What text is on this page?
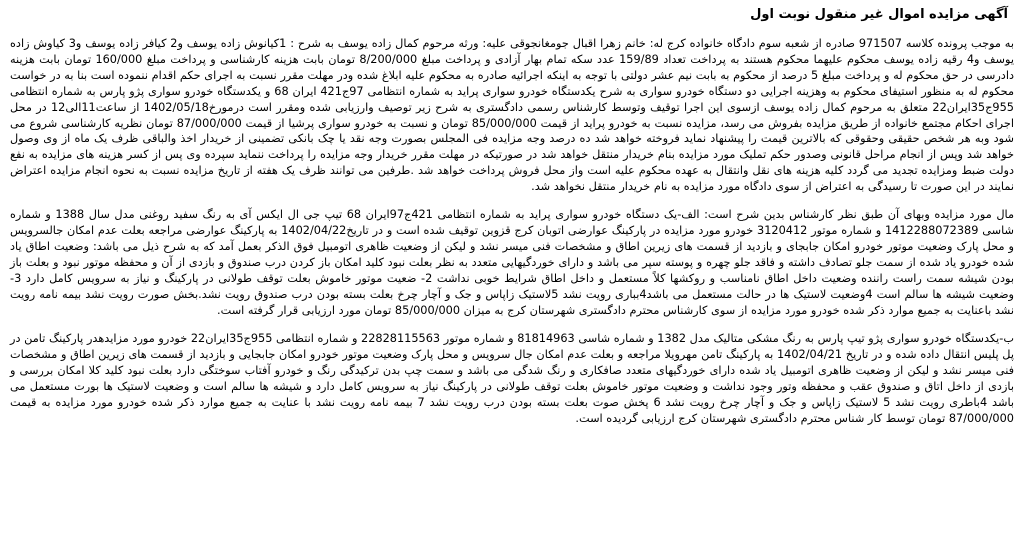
آگهی مزایده اموال غیر منقول نوبت اول

به موجب پرونده کلاسه 971507 صادره از شعبه سوم دادگاه خانواده کرج له: خانم زهرا اقبال جومغانجوقی علیه: ورثه مرحوم کمال زاده یوسف به شرح : 1کیانوش زاده یوسف و2 کیافر زاده یوسف و3 کیاوش زاده یوسف و4 رقیه زاده یوسف محکوم علیهما محکوم هستند به پرداخت تعداد 159/89 عدد سکه تمام بهار آزادی و پرداخت مبلغ 8/200/000 تومان بابت هزینه کارشناسی و پرداخت مبلغ 160/000 تومان بابت هزینه دادرسی در حق محکوم له و پرداخت مبلغ 5 درصد از محکوم به بابت نیم عشر دولتی با توجه به اینکه اجرائیه صادره به محکوم علیه ابلاغ شده ودر مهلت مقرر نسبت به اجرای حکم اقدام ننموده است بنا به در خواست محکوم له به منظور استیفای محکوم به وهزینه اجرایی دو دستگاه خودرو سواری به شرح یکدستگاه خودرو سواری پراید به شماره انتظامی 97ج421 ایران 68 و یکدستگاه خودرو سواری پژو پارس به شماره انتظامی 955ج35ایران22 متعلق به مرحوم کمال زاده یوسف ازسوی این اجرا توقیف وتوسط کارشناس رسمی دادگستری به شرح زیر توصیف وارزیابی شده ومقرر است درمورخ1402/05/18 از ساعت11الی12 در محل اجرای احکام مجتمع خانواده از طریق مزایده بفروش می رسد، مزایده نسبت به خودرو پراید از قیمت 85/000/000 تومان و نسبت به خودرو سواری پرشیا از قیمت 87/000/000 تومان نظریه کارشناسی شروع می شود وبه هر شخص حقیقی وحقوقی که بالاترین قیمت را پیشنهاد نماید فروخته خواهد شد ده درصد وجه مزایده فی المجلس بصورت وجه نقد یا چک بانکی تضمینی از خریدار اخذ والباقی ظرف یک ماه از وی وصول خواهد شد وپس از انجام مراحل قانونی وصدور حکم تملیک مورد مزایده بنام خریدار منتقل خواهد شد در صورتیکه در مهلت مقرر خریدار وجه مزایده را پرداخت ننماید سپرده وی پس از کسر هزینه های مزایده به نفع دولت ضبط ومزایده تجدید می گردد کلیه هزینه های نقل وانتقال به عهده محکوم علیه است واز محل فروش پرداخت خواهد شد .طرفین می توانند ظرف یک هفته از تاریخ مزایده نسبت به نحوه انجام مزایده اعتراض نمایند در این صورت تا رسیدگی به اعتراض از سوی دادگاه مورد مزایده به نام خریدار منتقل نخواهد شد.

مال مورد مزایده وبهای آن طبق نظر کارشناس بدین شرح است: الف-یک دستگاه خودرو سواری پراید به شماره انتظامی 421ج97ایران 68 تیپ جی ال ایکس آی به رنگ سفید روغنی مدل سال 1388 و شماره شاسی 1412288072389 و شماره موتور 3120412 خودرو مورد مزایده در پارکینگ عوارضی اتوبان کرج قزوین توقیف شده است و در تاریخ1402/04/22 به پارکینگ عوارضی مراجعه بعلت عدم امکان جالسرویس و محل پارک وضعیت موتور خودرو امکان جابجای و بازدید از قسمت های زیرین اطاق و مشخصات فنی میسر نشد و لیکن از وضعیت ظاهری اتومبیل فوق الذکر بعمل آمد که به شرح ذیل می باشد: وضعیت اطاق یاد شده خودرو یاد شده از سمت جلو تصادف داشته و فاقد جلو چهره و پوسته سپر می باشد و دارای خوردگیهایی متعدد به نظر بعلت نبود کلید امکان باز کردن درب صندوق و بازدی از آن و محفظه موتور نبود و بعلت باز بودن شیشه سمت راست راننده وضعیت داخل اطاق نامناسب و روکشها کلاً مستعمل و داخل اطاق شرایط خوبی نداشت 2- ضعیت موتور خاموش بعلت توقف طولانی در پارکینگ و نیاز به سرویس کامل دارد 3- وضعیت شیشه ها سالم است 4وضعیت لاستیک ها در حالت مستعمل می باشد4بباری رویت نشد 5لاستیک زاپاس و جک و آچار چرخ بعلت بسته بودن درب صندوق رویت نشد.بخش صورت رویت نشد بیمه نامه رویت نشد باعنایت به جمیع موارد ذکر شده خودرو مورد مزایده از سوی کارشناس محترم دادگستری شهرستان کرج به میزان 85/000/000 تومان مورد ارزیابی قرار گرفته است.

ب-یکدستگاه خودرو سواری پژو تیپ پارس به رنگ مشکی متالیک مدل 1382 و شماره شاسی 81814963 و شماره موتور 22828115563 و شماره انتظامی 955ج35ایران22 خودرو مورد مزایدهدر پارکینگ تامن در پل پلیس انتقال داده شده و در تاریخ 1402/04/21 به پارکینگ تامن مهرویلا مراجعه و بعلت عدم امکان جال سرویس و محل پارک وضعیت موتور خودرو امکان جابجایی و بازدید از قسمت های زیرین اطاق و مشخصات فنی میسر نشد و لیکن از وضعیت ظاهری اتومبیل یاد شده دارای خوردگیهای متعدد صافکاری و رنگ شدگی می باشد و سمت چپ بدن ترکیدگی رنگ و خودرو آفتاب سوختگی دارد بعلت نبود کلید کلا امکان بررسی و بازدی از داخل اتاق و صندوق عقب و محفظه وتور وجود نداشت و وضعیت موتور خاموش بعلت توقف طولانی در پارکینگ نیاز به سرویس کامل دارد و شیشه ها سالم است و وضعیت لاستیک ها بورت مستعمل می باشد 4باطری رویت نشد 5 لاستیک زاپاس و جک و آچار چرخ رویت نشد 6 پخش صوت بعلت بسته بودن درب رویت نشد 7 بیمه نامه رویت نشد با عنایت به جمیع موارد ذکر شده خودرو مورد مزایده به قیمت 87/000/000 تومان توسط کار شناس محترم دادگستری شهرستان کرج ارزیابی گردیده است.
